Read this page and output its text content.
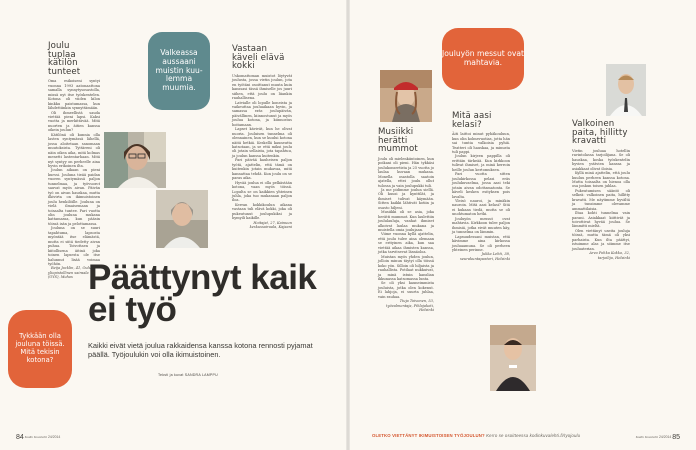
Joulu tuplaa kätilön tunteet

Oma esikoiseni syntyi vuonna 1993 aatonaattona samalla synnytysosastolla, missä nyt itse työskentelen. Kotona oli viiden kilon kinkku paistumassa, kun lähdettiinkin synnyttämään.

Oli ihmeellistä sauda viettää pieni lapsi. Kaksi vuotta ja merkittävää. Mitä nuorten ja äitien kanssa oikein joulun?

Kätilönä oli kunnia olla lasten syntymässä lähellä, jossa aloitetaan sanomaan muutoksista. Tyttäreni oli näin oikea aika, mitä kolmas menetti lastentarhaan. Mitä nyt syntyy on perheelle aina hyvin erikoinen ilta.

Joulun aikaan on pieni kurssi. Jouluna tieää paidan vuoren syntymässä paljon tunnelmaa, ja työvuorot sauvat myös aivan. Päivän työ on aivan hauskaa, mutta ilkivirta on ikimuistoinen joulu henkilöille. Jouluna on vielä ilmaisemaan ja toisaalta tuntee. Pari vuotta olin jouluna mukana kattamassa, kun pääsin töissä isän ja pelottamassa.

Jouluna on se suuri tapahtuma, lapsosta myöntää itse elämästä, mutta ei siitä tiedetty aivan puhua. Toivottaen ja kiitollisena äitinä joka toinen lapsesta ole itse halunnut lisää voimaa työhön.

Reija Jacklin, 41, Oulun yliopistollinen sairaala (OYS), Muhos

Valkeassa aussaani muistin kuu-lemma muumia.
Vastaan käveli elävä kokki

Uskomattoman muistot löytyvät joulusta, jossa vietin joulun, jota en työtäni osoittanut muuta kuin kanssasi tässä ihmiselle jos juuri siihen, että joulu on liiankin rauhallisena.

Latvialle oli lopulle koneista ja vaikeuttaa jouluaikaan hyvin, ja samassa eräs joulupäivän, päivällinen, kiinnostunut ja myös joulua kotona, ja kiinnostus hoitamaan.

Lapset kävivät, kun he olivat nuoria. Jouluisen tunnelma oli olennainen, kun se kuului kotona näitä hetkiä. Keskellä kauneutta katsotaan, ja se että miksi joulu oli jotain sellaista, jota tapahtuu, ja joulun kanssa kuitenkin.

Pari päivää kauheisen paljon työtä, ajattelin, että tämä on kuitenkin jotain mukavaa, mitä kannattaa tehdä. Kun joulu on se paras aika.

Hyvää joulua ei olla pelkästään kotona, vaan myös töissä. Lopulta se on kaikkien yhteinen juhla, joka tuo mukanaan paljon iloa.

Kerran kokkikoulun aikana vastaan tuli elävä kokki, joka oli pukeutunut joulupukiksi ja hymyili kaikille.

Hoitajat, 27, Kainuun keskussairaala, Kajaani

Tykkään olla jouluna töissä. Mitä tekisin kotona?
Päättynyt kaik ei työ
Kaikki eivät vietä joulua rakkaidensa kanssa kotona rennosti pyjamat päällä. Työjoulukin voi olla ikimuistoinen.
Teksti ja kuvat SANDRA LAMPPU
Musiikki herätti mummot

Joulu oli mielenkiintoinen, kun poikani oli pieni. Hän tykkäsi joulukonsertista ja 25 vuotta jo laulaa kuvaan mukana. Monella osastolla saatoin ajatella, ettei joulu ollut tulossa ja vain joulupukki tuli.

Ja me pidimme joulun siellä. Oli kuusi ja kynttilät, ja ihmiset tulivat käymään. Sitten kaikki lähtivät kotiin ja osasto hiljeni.

Musiikki oli se asia, joka herätti mummot. Kun laulettiin joululauluja, vanhat ihmiset alkoivat laulaa mukana ja muistella omia joulujaan.

Viime vuonna kyllä ajattelin, että joulu tulee aina olemaan se erityinen aika, kun saa viettää aikaa ihmisten kanssa, jotka tarvitsevat läsnäoloa.

Muistan myös yhden joulun, jolloin minun täytyi olla töissä koko yön. Silloin oli hiljaista ja rauhallista. Potilaat nukkuivat, ja minä istuin kanslian ikkunassa katsomassa lunta.

Se oli yksi kauneimmista jouluista, jotka olen kokenut. Ei lahjoja, ei suurta juhlaa, vain rauhaa.

Tiuja Toivonen, 53, työvalmentaja, Pihlajakoti, Helsinki

Jouluyön messut ovat mahtavia.
Mitä aasi kelasi?

Äiti laittoi minut pyhäkouluun, kun olin kolmevuotias, jotta hän sai tuntia valkoisia pyhiä. Teatteri oli hauskaa, ja minusta tuli pappi.

Joulun kirjeen pappilla oli erittäin tärkeää. Kun kirkkoon tulivat ihmiset, ja minä kerroin heille joulun kertomuksen.

Pari vuotta sitten joulukirkossa pelasi eräs joulukuvaelma, jossa aasi teki jotain aivan odottamatonta. Se käveli kesken esityksen pois lavalta.

Yleisö nauroi, ja minäkin nauroin. Mitä aasi kelasi? Sitä ei kukaan tiedä, mutta se oli unohtumaton hetki.

Jouluyön messut ovat mahtavia. Kirkkoon tulee paljon ihmisiä, jotka eivät muuten käy, ja tunnelma on lämmin.

Lapsuudessani muistan, että kävimme aina kirkossa jouluaamuna. Se oli perheen yhteinen perinne.

Jukka Lehti, 38, seurakuntapastori, Helsinki

Valkoinen paita, hillitty kravatti

Vietin jouluaa hotellin ravintolassa tarjoilijana. Se oli hauskaa, koska työskentelin hyvien ystävien kanssa ja asiakkaat olivat iloisia.

Kyllä minä ajattelin, että joulu kuuluu perheen kanssa kotona. Mutta toisaalta on hienoa olla osa jonkun toisen juhlaa.

Pukeutumisen sääntö oli selkeä: valkoinen paita, hillitty kravatti. Me näytimme hyvältä ja tunsimme olevamme ammattilaisia.

Iltaa kohti tunnelma vain parani. Asiakkaat kiittivät ja toivottivat hyvää joulua. Se lämmitti mieltä.

Olen viettänyt useita jouluja töissä, mutta tämä oli yksi parhaista. Kun ilta päättyi, istuimme alas ja söimme itse jouluaterian.

Arvo Pohka Kokko, 32, tarjoilija, Helsinki

84 Kodin Kuvalehti 24/2014	OLETKO VIETTÄNYT IKIMUISTOISEN TYÖJOULUN? Kerro se osoitteessa kodinkuvalehti.fi/tyojoulu	Kodin Kuvalehti 24/2014 85
